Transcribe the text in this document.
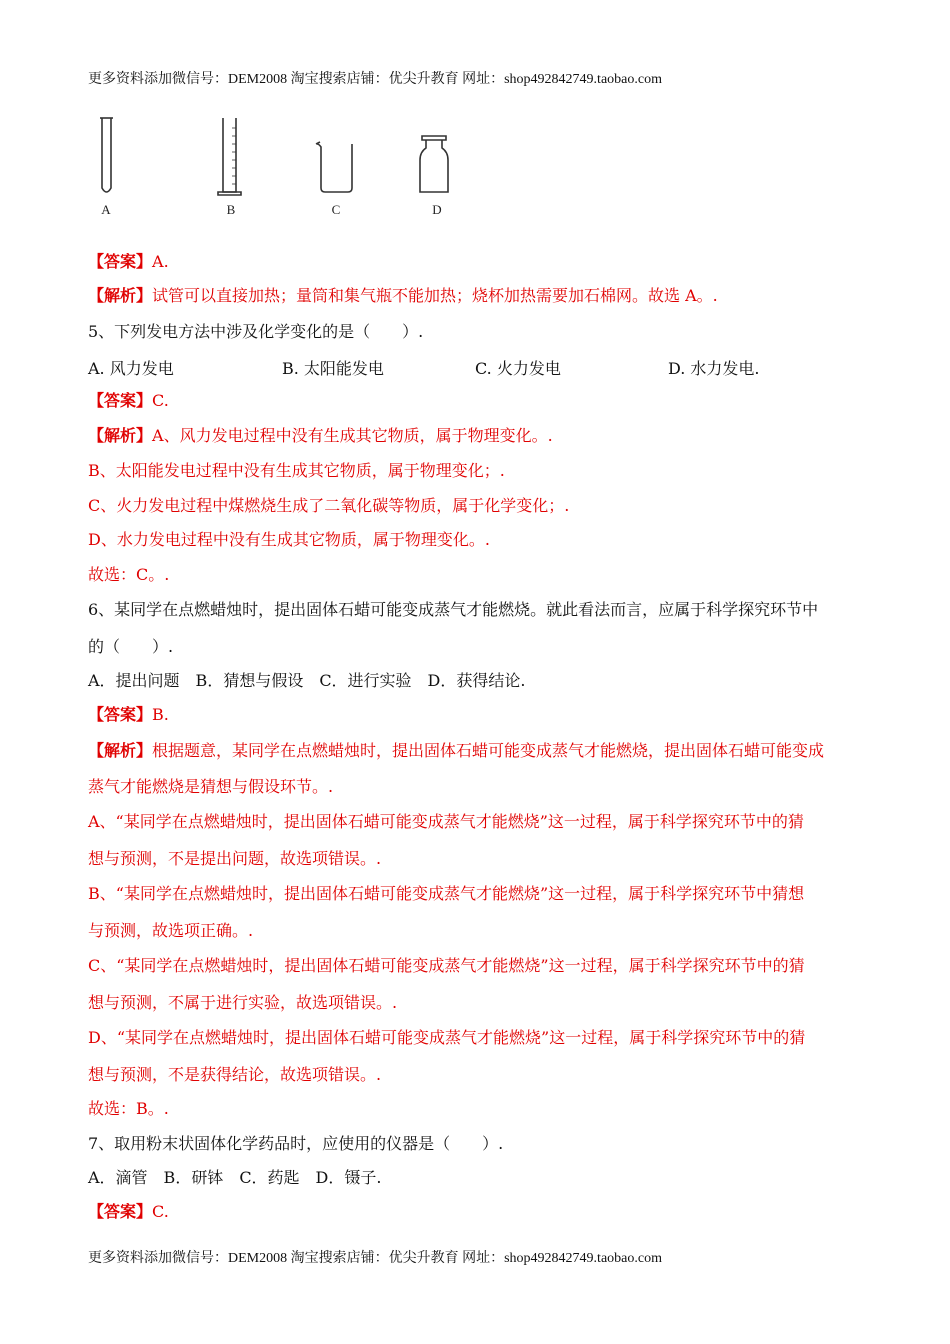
更多资料添加微信号：DEM2008 淘宝搜索店铺：优尖升教育 网址：shop492842749.taobao.com
A	B	C	D
【答案】A.
【解析】试管可以直接加热；量筒和集气瓶不能加热；烧杯加热需要加石棉网。故选 A。.
5、下列发电方法中涉及化学变化的是（　　）.
A. 风力发电	B. 太阳能发电	C. 火力发电	D. 水力发电.
【答案】C.
【解析】A、风力发电过程中没有生成其它物质，属于物理变化。.
B、太阳能发电过程中没有生成其它物质，属于物理变化；.
C、火力发电过程中煤燃烧生成了二氧化碳等物质，属于化学变化；.
D、水力发电过程中没有生成其它物质，属于物理变化。.
故选：C。.
6、某同学在点燃蜡烛时，提出固体石蜡可能变成蒸气才能燃烧。就此看法而言，应属于科学探究环节中
的（　　）.
A．提出问题　B．猜想与假设　C．进行实验　D．获得结论.
【答案】B.
【解析】根据题意，某同学在点燃蜡烛时，提出固体石蜡可能变成蒸气才能燃烧，提出固体石蜡可能变成
蒸气才能燃烧是猜想与假设环节。.
A、“某同学在点燃蜡烛时，提出固体石蜡可能变成蒸气才能燃烧”这一过程，属于科学探究环节中的猜
想与预测，不是提出问题，故选项错误。.
B、“某同学在点燃蜡烛时，提出固体石蜡可能变成蒸气才能燃烧”这一过程，属于科学探究环节中猜想
与预测，故选项正确。.
C、“某同学在点燃蜡烛时，提出固体石蜡可能变成蒸气才能燃烧”这一过程，属于科学探究环节中的猜
想与预测，不属于进行实验，故选项错误。.
D、“某同学在点燃蜡烛时，提出固体石蜡可能变成蒸气才能燃烧”这一过程，属于科学探究环节中的猜
想与预测，不是获得结论，故选项错误。.
故选：B。.
7、取用粉末状固体化学药品时，应使用的仪器是（　　）.
A．滴管　B．研钵　C．药匙　D．镊子.
【答案】C.
更多资料添加微信号：DEM2008 淘宝搜索店铺：优尖升教育 网址：shop492842749.taobao.com
